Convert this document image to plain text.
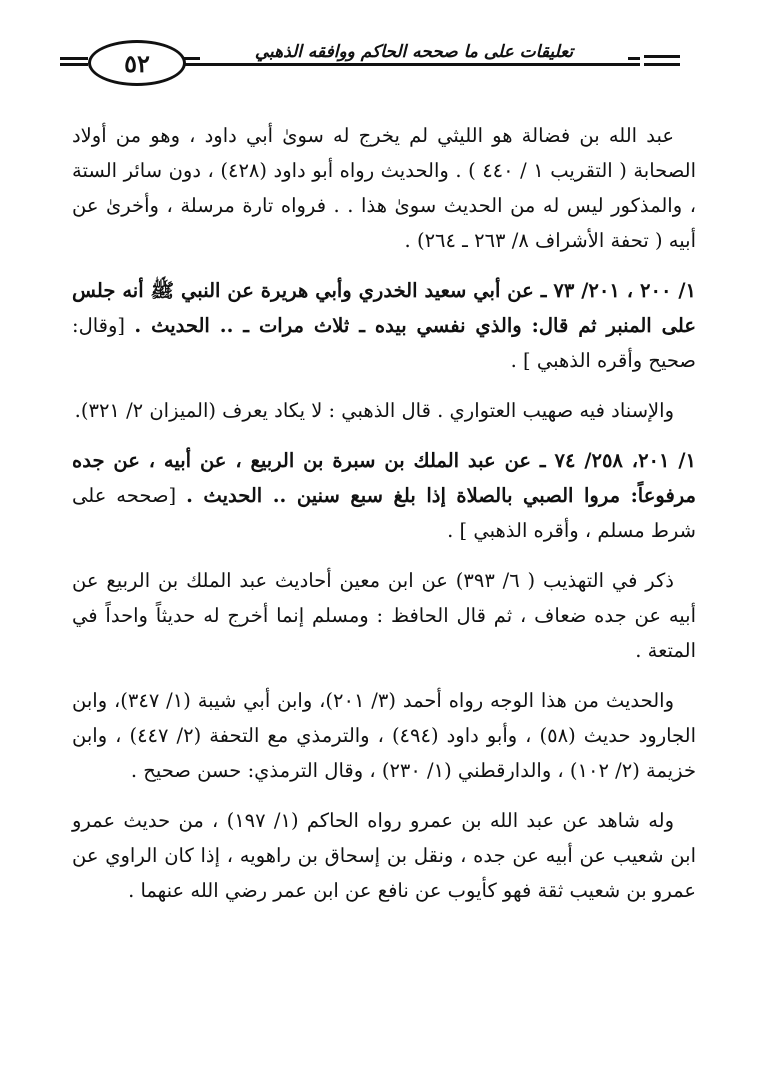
تعليقات على ما صححه الحاكم ووافقه الذهبي
٥٢

عبد الله بن فضالة هو الليثي لم يخرج له سوىٰ أبي داود ، وهو من أولاد الصحابة ( التقريب ١ / ٤٤٠ ) . والحديث رواه أبو داود (٤٢٨) ، دون سائر الستة ، والمذكور ليس له من الحديث سوىٰ هذا . . فرواه تارة مرسلة ، وأخرىٰ عن أبيه ( تحفة الأشراف ٨/ ٢٦٣ ـ ٢٦٤) .

١/ ٢٠٠ ، ٢٠١/ ٧٣ ـ عن أبي سعيد الخدري وأبي هريرة عن النبي ﷺ أنه جلس على المنبر ثم قال: والذي نفسي بيده ـ ثلاث مرات ـ .. الحديث . [وقال: صحيح وأقره الذهبي ] .

والإسناد فيه صهيب العتواري . قال الذهبي : لا يكاد يعرف (الميزان ٢/ ٣٢١).

١/ ٢٠١، ٢٥٨/ ٧٤ ـ عن عبد الملك بن سبرة بن الربيع ، عن أبيه ، عن جده مرفوعاً: مروا الصبي بالصلاة إذا بلغ سبع سنين .. الحديث . [صححه على شرط مسلم ، وأقره الذهبي ] .

ذكر في التهذيب ( ٦/ ٣٩٣) عن ابن معين أحاديث عبد الملك بن الربيع عن أبيه عن جده ضعاف ، ثم قال الحافظ : ومسلم إنما أخرج له حديثاً واحداً في المتعة .

والحديث من هذا الوجه رواه أحمد (٣/ ٢٠١)، وابن أبي شيبة (١/ ٣٤٧)، وابن الجارود حديث (٥٨) ، وأبو داود (٤٩٤) ، والترمذي مع التحفة (٢/ ٤٤٧) ، وابن خزيمة (٢/ ١٠٢) ، والدارقطني (١/ ٢٣٠) ، وقال الترمذي: حسن صحيح .

وله شاهد عن عبد الله بن عمرو رواه الحاكم (١/ ١٩٧) ، من حديث عمرو ابن شعيب عن أبيه عن جده ، ونقل بن إسحاق بن راهويه ، إذا كان الراوي عن عمرو بن شعيب ثقة فهو كأيوب عن نافع عن ابن عمر رضي الله عنهما .
